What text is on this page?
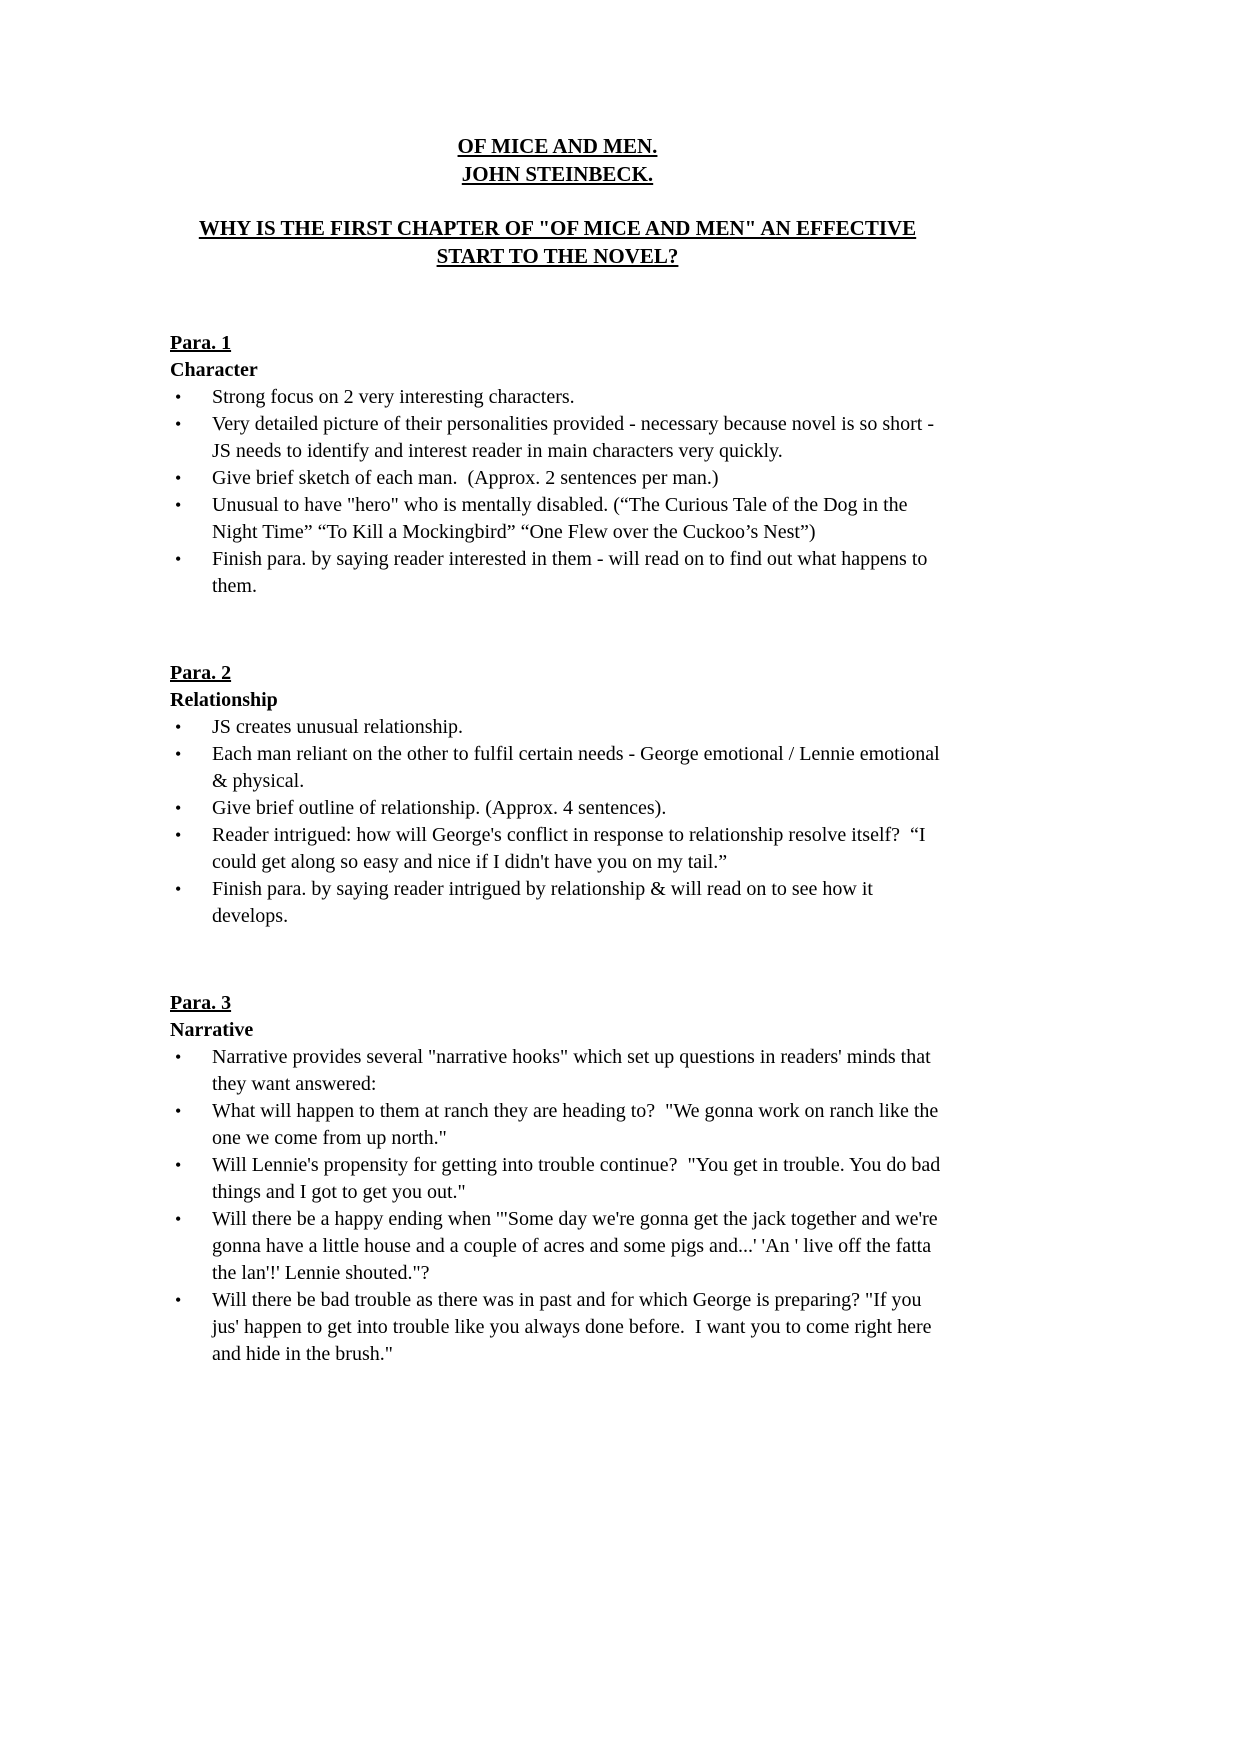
OF MICE AND MEN.
JOHN STEINBECK.
WHY IS THE FIRST CHAPTER OF "OF MICE AND MEN" AN EFFECTIVE
START TO THE NOVEL?
Para. 1
Character
• Strong focus on 2 very interesting characters.
• Very detailed picture of their personalities provided - necessary because novel is so short - JS needs to identify and interest reader in main characters very quickly.
• Give brief sketch of each man.  (Approx. 2 sentences per man.)
• Unusual to have "hero" who is mentally disabled. (“The Curious Tale of the Dog in the Night Time” “To Kill a Mockingbird” “One Flew over the Cuckoo’s Nest”)
• Finish para. by saying reader interested in them - will read on to find out what happens to them.
Para. 2
Relationship
• JS creates unusual relationship.
• Each man reliant on the other to fulfil certain needs - George emotional / Lennie emotional & physical.
• Give brief outline of relationship. (Approx. 4 sentences).
• Reader intrigued: how will George's conflict in response to relationship resolve itself?  “I could get along so easy and nice if I didn't have you on my tail.”
• Finish para. by saying reader intrigued by relationship & will read on to see how it develops.
Para. 3
Narrative
• Narrative provides several "narrative hooks" which set up questions in readers' minds that they want answered:
• What will happen to them at ranch they are heading to?  "We gonna work on ranch like the one we come from up north."
• Will Lennie's propensity for getting into trouble continue?  "You get in trouble. You do bad things and I got to get you out."
• Will there be a happy ending when '"Some day we're gonna get the jack together and we're gonna have a little house and a couple of acres and some pigs and...' 'An ' live off the fatta the lan'!' Lennie shouted."?
• Will there be bad trouble as there was in past and for which George is preparing? "If you jus' happen to get into trouble like you always done before.  I want you to come right here and hide in the brush."
